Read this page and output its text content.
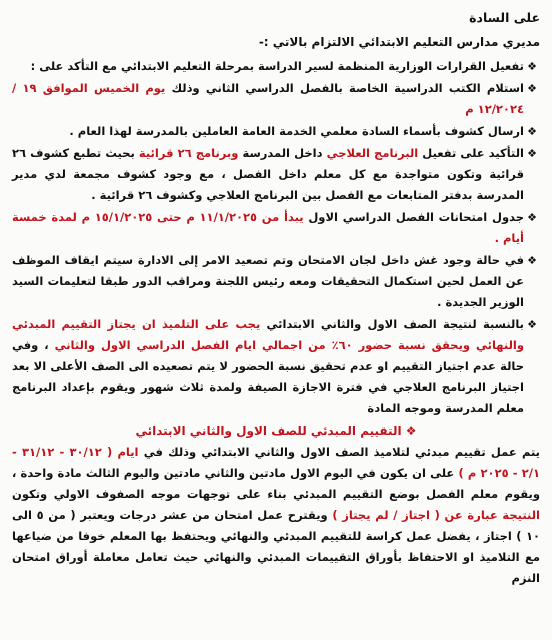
على السادة
مديري مدارس التعليم الابتدائي الالتزام بالاتي :-
❖
تفعيل القرارات الوزارية المنظمة لسير الدراسة بمرحلة التعليم الابتدائي مع التأكد على :
❖
استلام الكتب الدراسية الخاصة بالفصل الدراسي الثاني وذلك يوم الخميس الموافق ١٩ /١٢/٢٠٢٤ م
❖
ارسال كشوف بأسماء السادة معلمي الخدمة العامة العاملين بالمدرسة لهذا العام .
❖
التأكيد على تفعيل البرنامج العلاجي داخل المدرسة وبرنامج ٢٦ قرائية بحيث تطبع كشوف ٢٦ قرائية وتكون متواجدة مع كل معلم داخل الفصل ، مع وجود كشوف مجمعة لدي مدير المدرسة بدفتر المتابعات مع الفصل بين البرنامج العلاجي وكشوف ٢٦ قرائية .
❖
جدول امتحانات الفصل الدراسي الاول يبدأ من ١١/١/٢٠٢٥ م حتى ١٥/١/٢٠٢٥ م لمدة خمسة أيام .
❖
في حالة وجود غش داخل لجان الامتحان وتم تصعيد الامر إلى الادارة سيتم ايقاف الموظف عن العمل لحين استكمال التحقيقات ومعه رئيس اللجنة ومراقب الدور طبقا لتعليمات السيد الوزير الجديدة .
❖
بالنسبة لنتيجة الصف الاول والثاني الابتدائي يجب على التلميذ ان يجتاز التقييم المبدئي والنهائي ويحقق نسبة حضور ٦٠٪ من اجمالي ايام الفصل الدراسي الاول والثاني ، وفي حالة عدم اجتياز التقييم او عدم تحقيق نسبة الحضور لا يتم تصعيده الى الصف الأعلى الا بعد اجتياز البرنامج العلاجي في فترة الاجازة الصيفة ولمدة ثلاث شهور ويقوم بإعداد البرنامج معلم المدرسة وموجه المادة
❖ التقييم المبدئي للصف الاول والثاني الابتدائي
يتم عمل تقييم مبدئي لتلاميذ الصف الاول والثاني الابتدائي وذلك في ايام ( ٣٠/١٢ - ٣١/١٢ - ٢/١ - ٢٠٢٥ م ) على ان يكون في اليوم الاول مادتين والثاني مادتين واليوم الثالث مادة واحدة ، ويقوم معلم الفصل بوضع التقييم المبدئي بناء على توجهات موجه الصفوف الاولي وتكون النتيجة عبارة عن ( اجتاز / لم يجتاز ) ويقترح عمل امتحان من عشر درجات ويعتبر ( من ٥ الى ١٠ ) اجتاز ، يفضل عمل كراسة للتقييم المبدئي والنهائي ويحتفظ بها المعلم خوفا من ضياعها مع التلاميذ او الاحتفاظ بأوراق التقييمات المبدئي والنهائي حيث تعامل معاملة أوراق امتحان النزم
